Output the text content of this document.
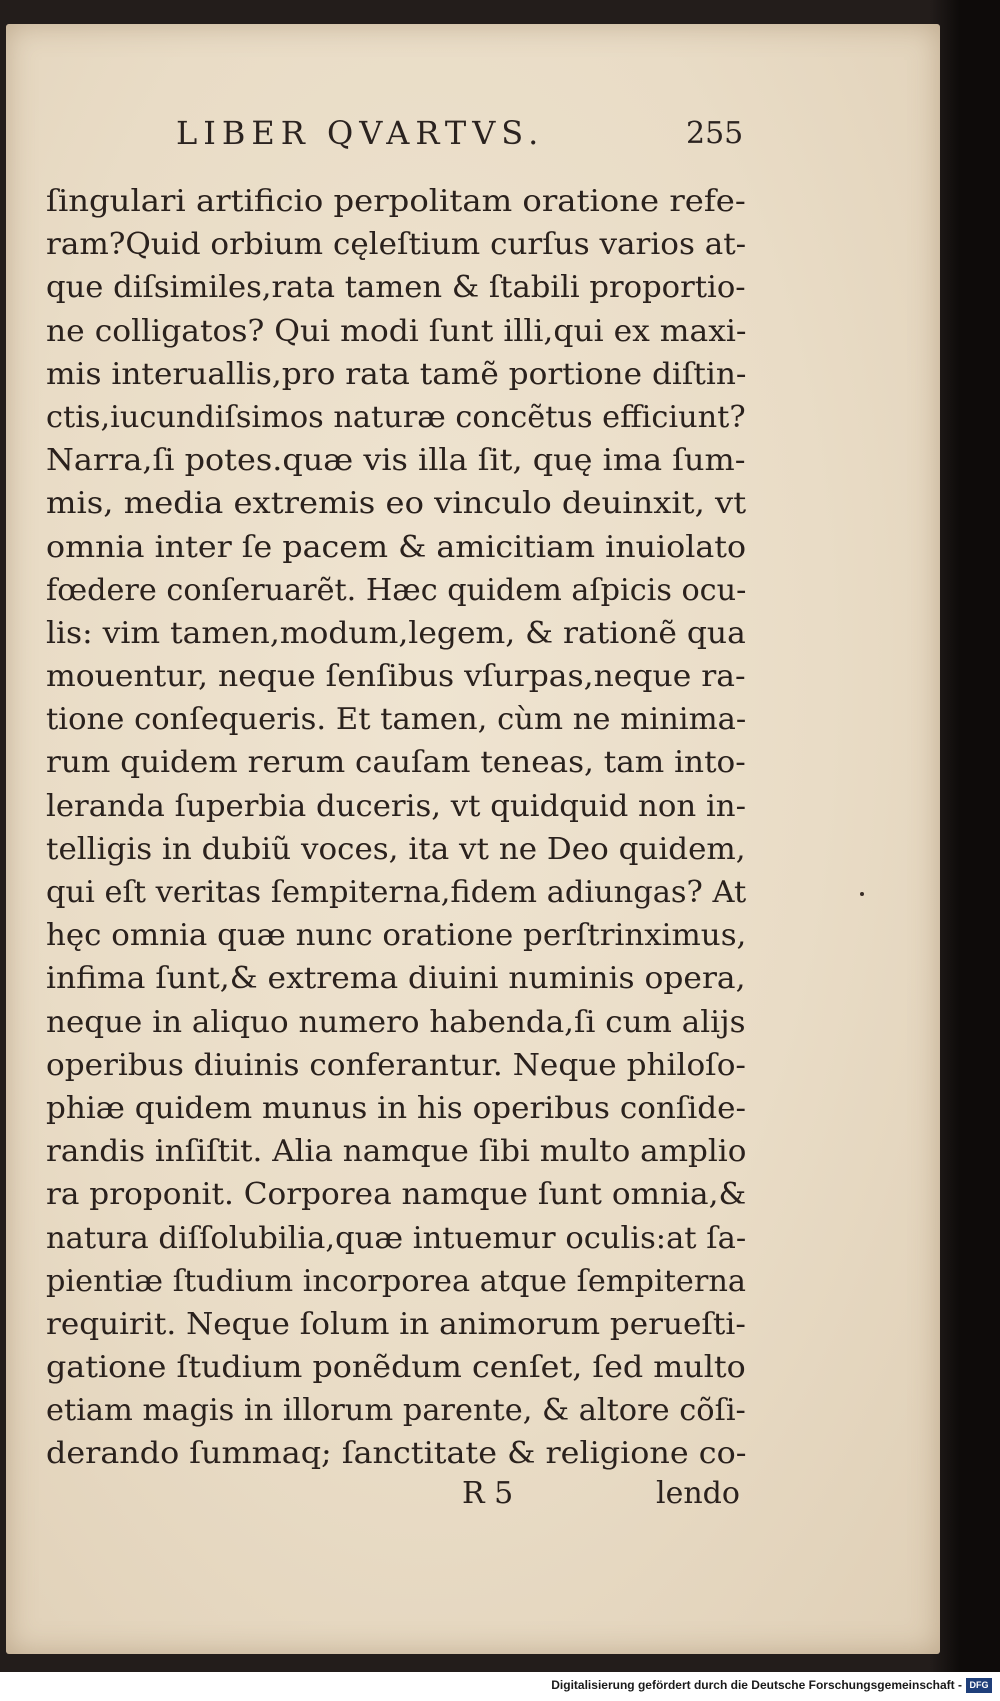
LIBER QVARTVS.	255
ſingulari artificio perpolitam oratione refe-
ram?Quid orbium cęleſtium curſus varios at-
que diſsimiles,rata tamen & ſtabili proportio-
ne colligatos? Qui modi ſunt illi,qui ex maxi-
mis interuallis,pro rata tamẽ portione diſtin-
ctis,iucundiſsimos naturæ concẽtus efficiunt?
Narra,ſi potes.quæ vis illa ſit, quę ima ſum-
mis, media extremis eo vinculo deuinxit, vt
omnia inter ſe pacem & amicitiam inuiolato
fœdere conſeruarẽt. Hæc quidem aſpicis ocu-
lis: vim tamen,modum,legem, & rationẽ qua
mouentur, neque ſenſibus vſurpas,neque ra-
tione conſequeris. Et tamen, cùm ne minima-
rum quidem rerum cauſam teneas, tam into-
leranda ſuperbia duceris, vt quidquid non in-
telligis in dubiũ voces, ita vt ne Deo quidem,
qui eſt veritas ſempiterna,fidem adiungas? At
hęc omnia quæ nunc oratione perſtrinximus,
infima ſunt,& extrema diuini numinis opera,
neque in aliquo numero habenda,ſi cum alijs
operibus diuinis conferantur. Neque philoſo-
phiæ quidem munus in his operibus conſide-
randis inſiſtit. Alia namque ſibi multo amplio
ra proponit. Corporea namque ſunt omnia,&
natura diſſolubilia,quæ intuemur oculis:at ſa-
pientiæ ſtudium incorporea atque ſempiterna
requirit. Neque ſolum in animorum perueſti-
gatione ſtudium ponẽdum cenſet, ſed multo
etiam magis in illorum parente, & altore cõſi-
derando ſummaq; ſanctitate & religione co-
R 5	lendo
Digitalisierung gefördert durch die Deutsche Forschungsgemeinschaft - DFG
